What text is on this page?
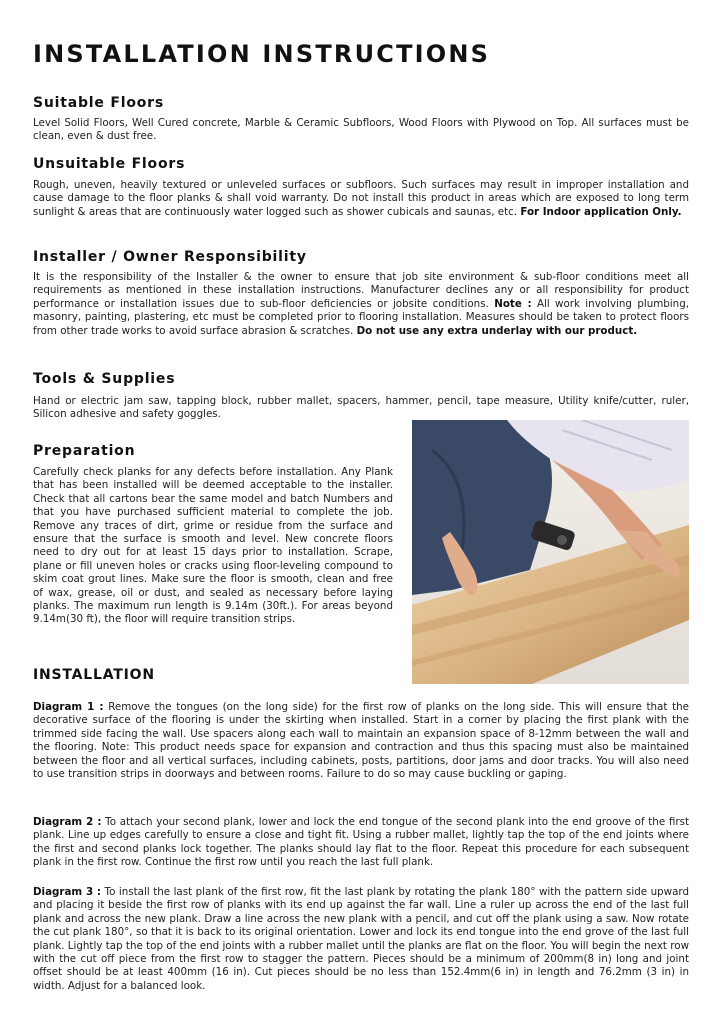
INSTALLATION INSTRUCTIONS
Suitable Floors

Level Solid Floors, Well Cured concrete, Marble & Ceramic Subfloors, Wood Floors with Plywood on Top. All surfaces must be clean, even & dust free.

Unsuitable Floors

Rough, uneven, heavily textured or unleveled surfaces or subfloors. Such surfaces may result in improper installation and cause damage to the floor planks & shall void warranty. Do not install this product in areas which are exposed to long term sunlight & areas that are continuously water logged such as shower cubicals and saunas, etc. For Indoor application Only.

Installer / Owner Responsibility

It is the responsibility of the Installer & the owner to ensure that job site environment & sub-floor conditions meet all requirements as mentioned in these installation instructions. Manufacturer declines any or all responsibility for product performance or installation issues due to sub-floor deficiencies or jobsite conditions. Note : All work involving plumbing, masonry, painting, plastering, etc must be completed prior to flooring installation. Measures should be taken to protect floors from other trade works to avoid surface abrasion & scratches. Do not use any extra underlay with our product.

Tools & Supplies

Hand or electric jam saw, tapping block, rubber mallet, spacers, hammer, pencil, tape measure, Utility knife/cutter, ruler, Silicon adhesive and safety goggles.

Preparation

Carefully check planks for any defects before installation. Any Plank that has been installed will be deemed acceptable to the installer. Check that all cartons bear the same model and batch Numbers and that you have purchased sufficient material to complete the job. Remove any traces of dirt, grime or residue from the surface and ensure that the surface is smooth and level. New concrete floors need to dry out for at least 15 days prior to installation. Scrape, plane or fill uneven holes or cracks using floor-leveling compound to skim coat grout lines. Make sure the floor is smooth, clean and free of wax, grease, oil or dust, and sealed as necessary before laying planks. The maximum run length is 9.14m (30ft.). For areas beyond 9.14m(30 ft), the floor will require transition strips.

INSTALLATION

Diagram 1 : Remove the tongues (on the long side) for the first row of planks on the long side. This will ensure that the decorative surface of the flooring is under the skirting when installed. Start in a corner by placing the first plank with the trimmed side facing the wall. Use spacers along each wall to maintain an expansion space of 8-12mm between the wall and the flooring. Note: This product needs space for expansion and contraction and thus this spacing must also be maintained between the floor and all vertical surfaces, including cabinets, posts, partitions, door jams and door tracks. You will also need to use transition strips in doorways and between rooms. Failure to do so may cause buckling or gaping.

Diagram 2 : To attach your second plank, lower and lock the end tongue of the second plank into the end groove of the first plank. Line up edges carefully to ensure a close and tight fit. Using a rubber mallet, lightly tap the top of the end joints where the first and second planks lock together. The planks should lay flat to the floor. Repeat this procedure for each subsequent plank in the first row. Continue the first row until you reach the last full plank.

Diagram 3 : To install the last plank of the first row, fit the last plank by rotating the plank 180° with the pattern side upward and placing it beside the first row of planks with its end up against the far wall. Line a ruler up across the end of the last full plank and across the new plank. Draw a line across the new plank with a pencil, and cut off the plank using a saw. Now rotate the cut plank 180°, so that it is back to its original orientation. Lower and lock its end tongue into the end grove of the last full plank. Lightly tap the top of the end joints with a rubber mallet until the planks are flat on the floor. You will begin the next row with the cut off piece from the first row to stagger the pattern. Pieces should be a minimum of 200mm(8 in) long and joint offset should be at least 400mm (16 in). Cut pieces should be no less than 152.4mm(6 in) in length and 76.2mm (3 in) in width. Adjust for a balanced look.
